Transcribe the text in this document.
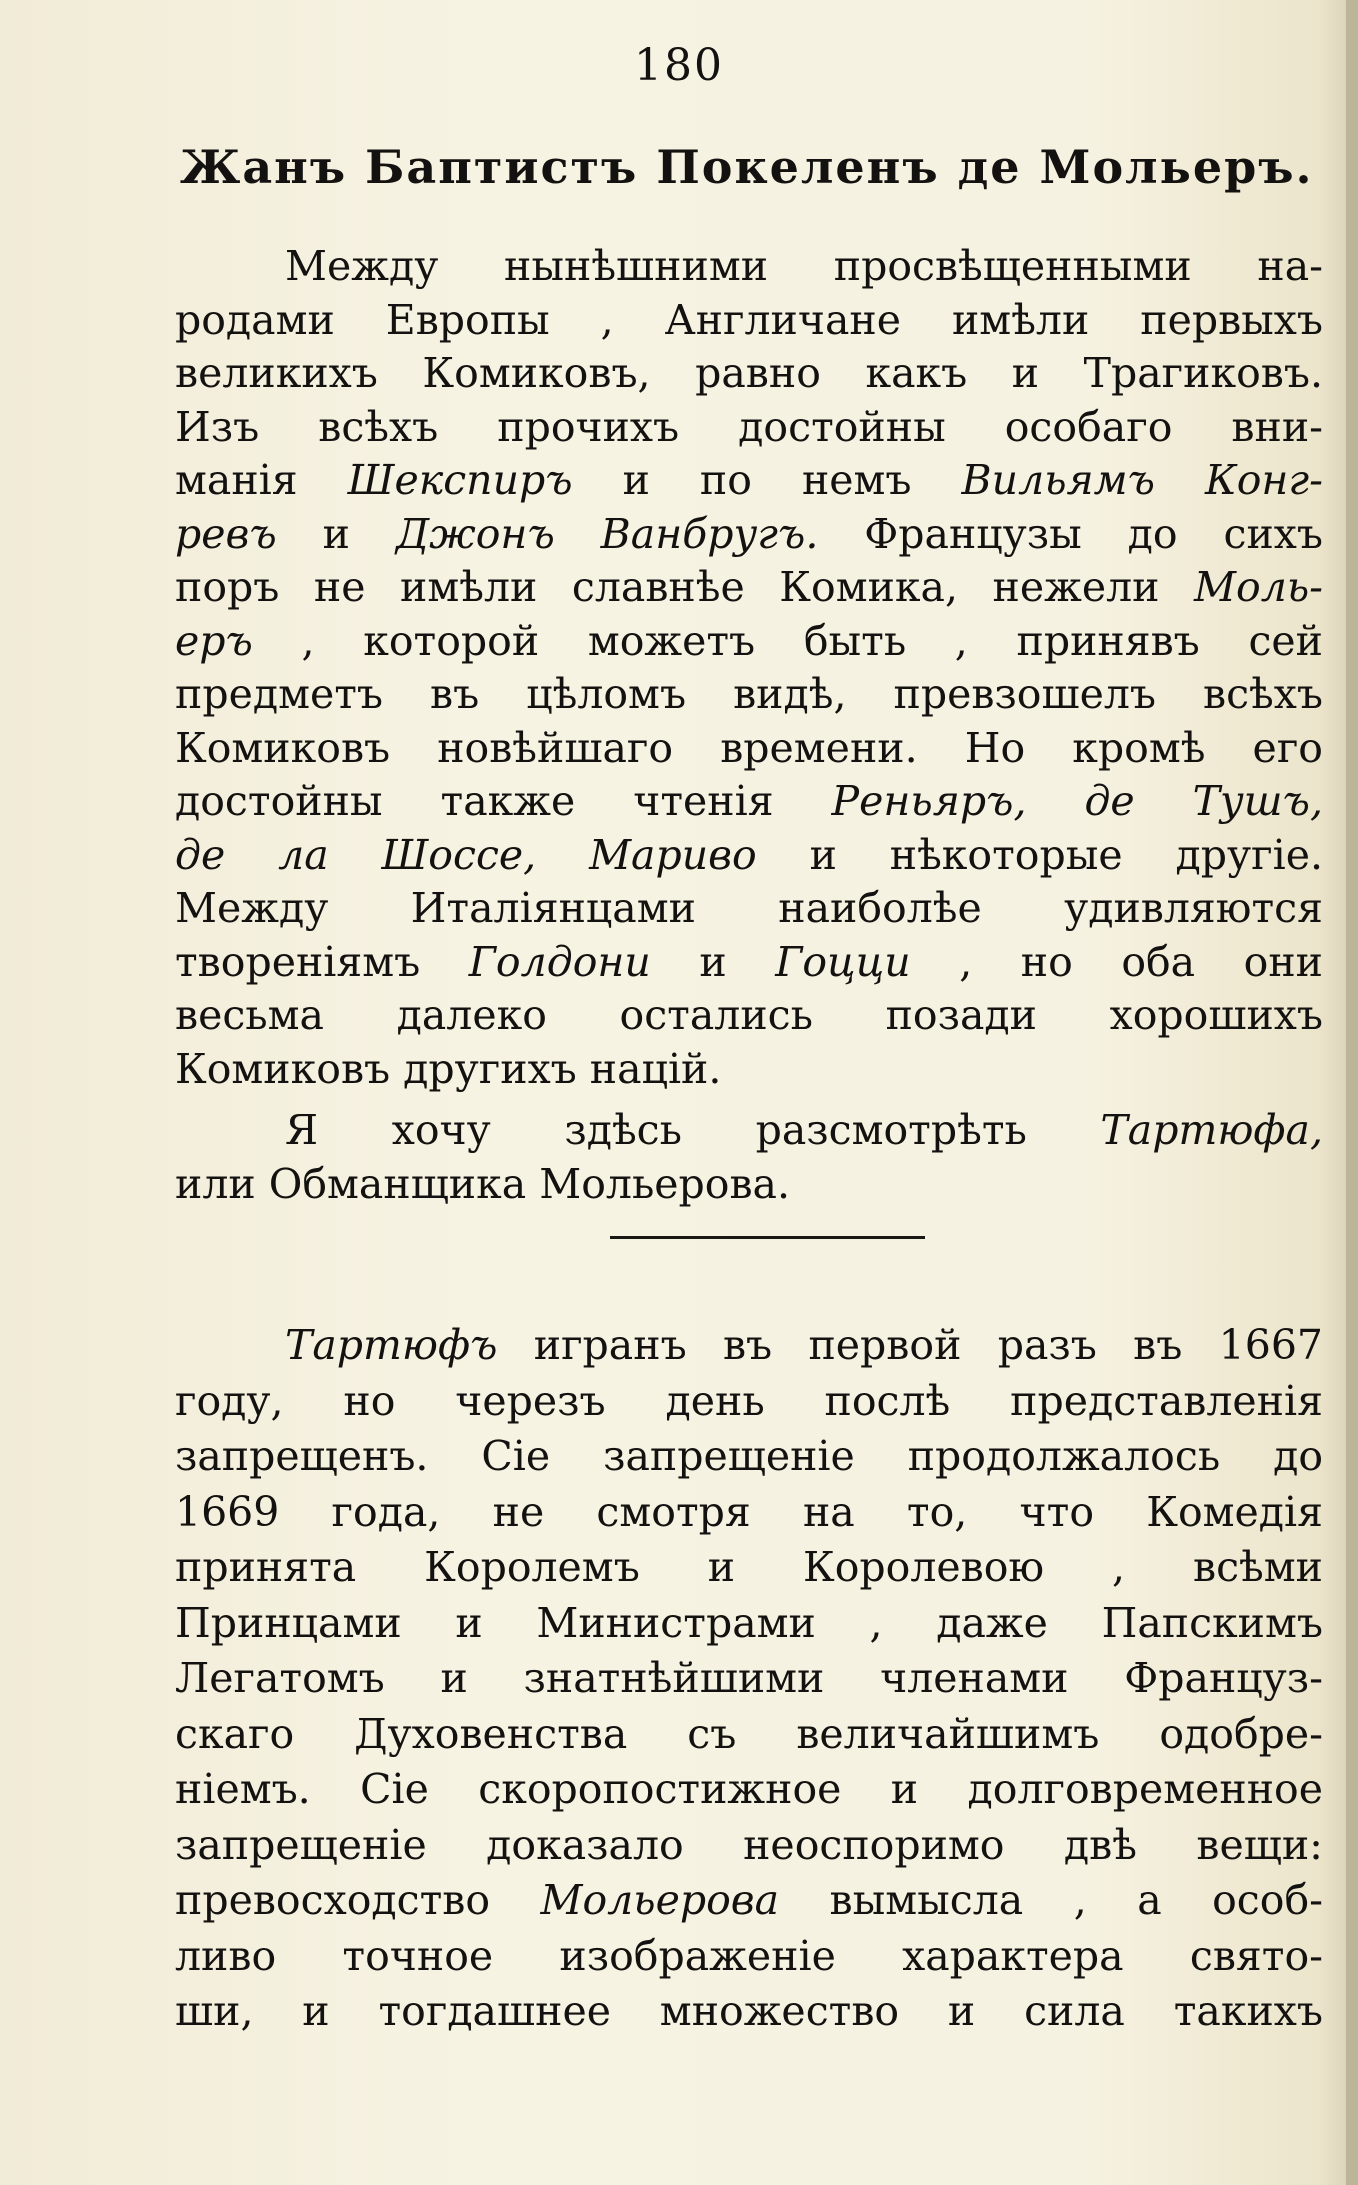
180
Жанъ Баптистъ Покеленъ де Мольеръ.
Между нынѣшними просвѣщенными на-
родами Европы , Англичане имѣли первыхъ
великихъ Комиковъ, равно какъ и Трагиковъ.
Изъ всѣхъ прочихъ достойны особаго вни-
манія Шекспиръ и по немъ Вильямъ Конг-
ревъ и Джонъ Ванбругъ. Французы до сихъ
поръ не имѣли славнѣе Комика, нежели Моль-
еръ , которой можетъ быть , принявъ сей
предметъ въ цѣломъ видѣ, превзошелъ всѣхъ
Комиковъ новѣйшаго времени. Но кромѣ его
достойны также чтенія Реньяръ, де Тушъ,
де ла Шоссе, Мариво и нѣкоторые другіе.
Между Италіянцами наиболѣе удивляются
твореніямъ Голдони и Гоцци , но оба они
весьма далеко остались позади хорошихъ
Комиковъ другихъ націй.
Я хочу здѣсь разсмотрѣть Тартюфа,
или Обманщика Мольерова.
Тартюфъ игранъ въ первой разъ въ 1667
году, но черезъ день послѣ представленія
запрещенъ. Сіе запрещеніе продолжалось до
1669 года, не смотря на то, что Комедія
принята Королемъ и Королевою , всѣми
Принцами и Министрами , даже Папскимъ
Легатомъ и знатнѣйшими членами Француз-
скаго Духовенства съ величайшимъ одобре-
ніемъ. Сіе скоропостижное и долговременное
запрещеніе доказало неоспоримо двѣ вещи:
превосходство Мольерова вымысла , а особ-
ливо точное изображеніе характера свято-
ши, и тогдашнее множество и сила такихъ
